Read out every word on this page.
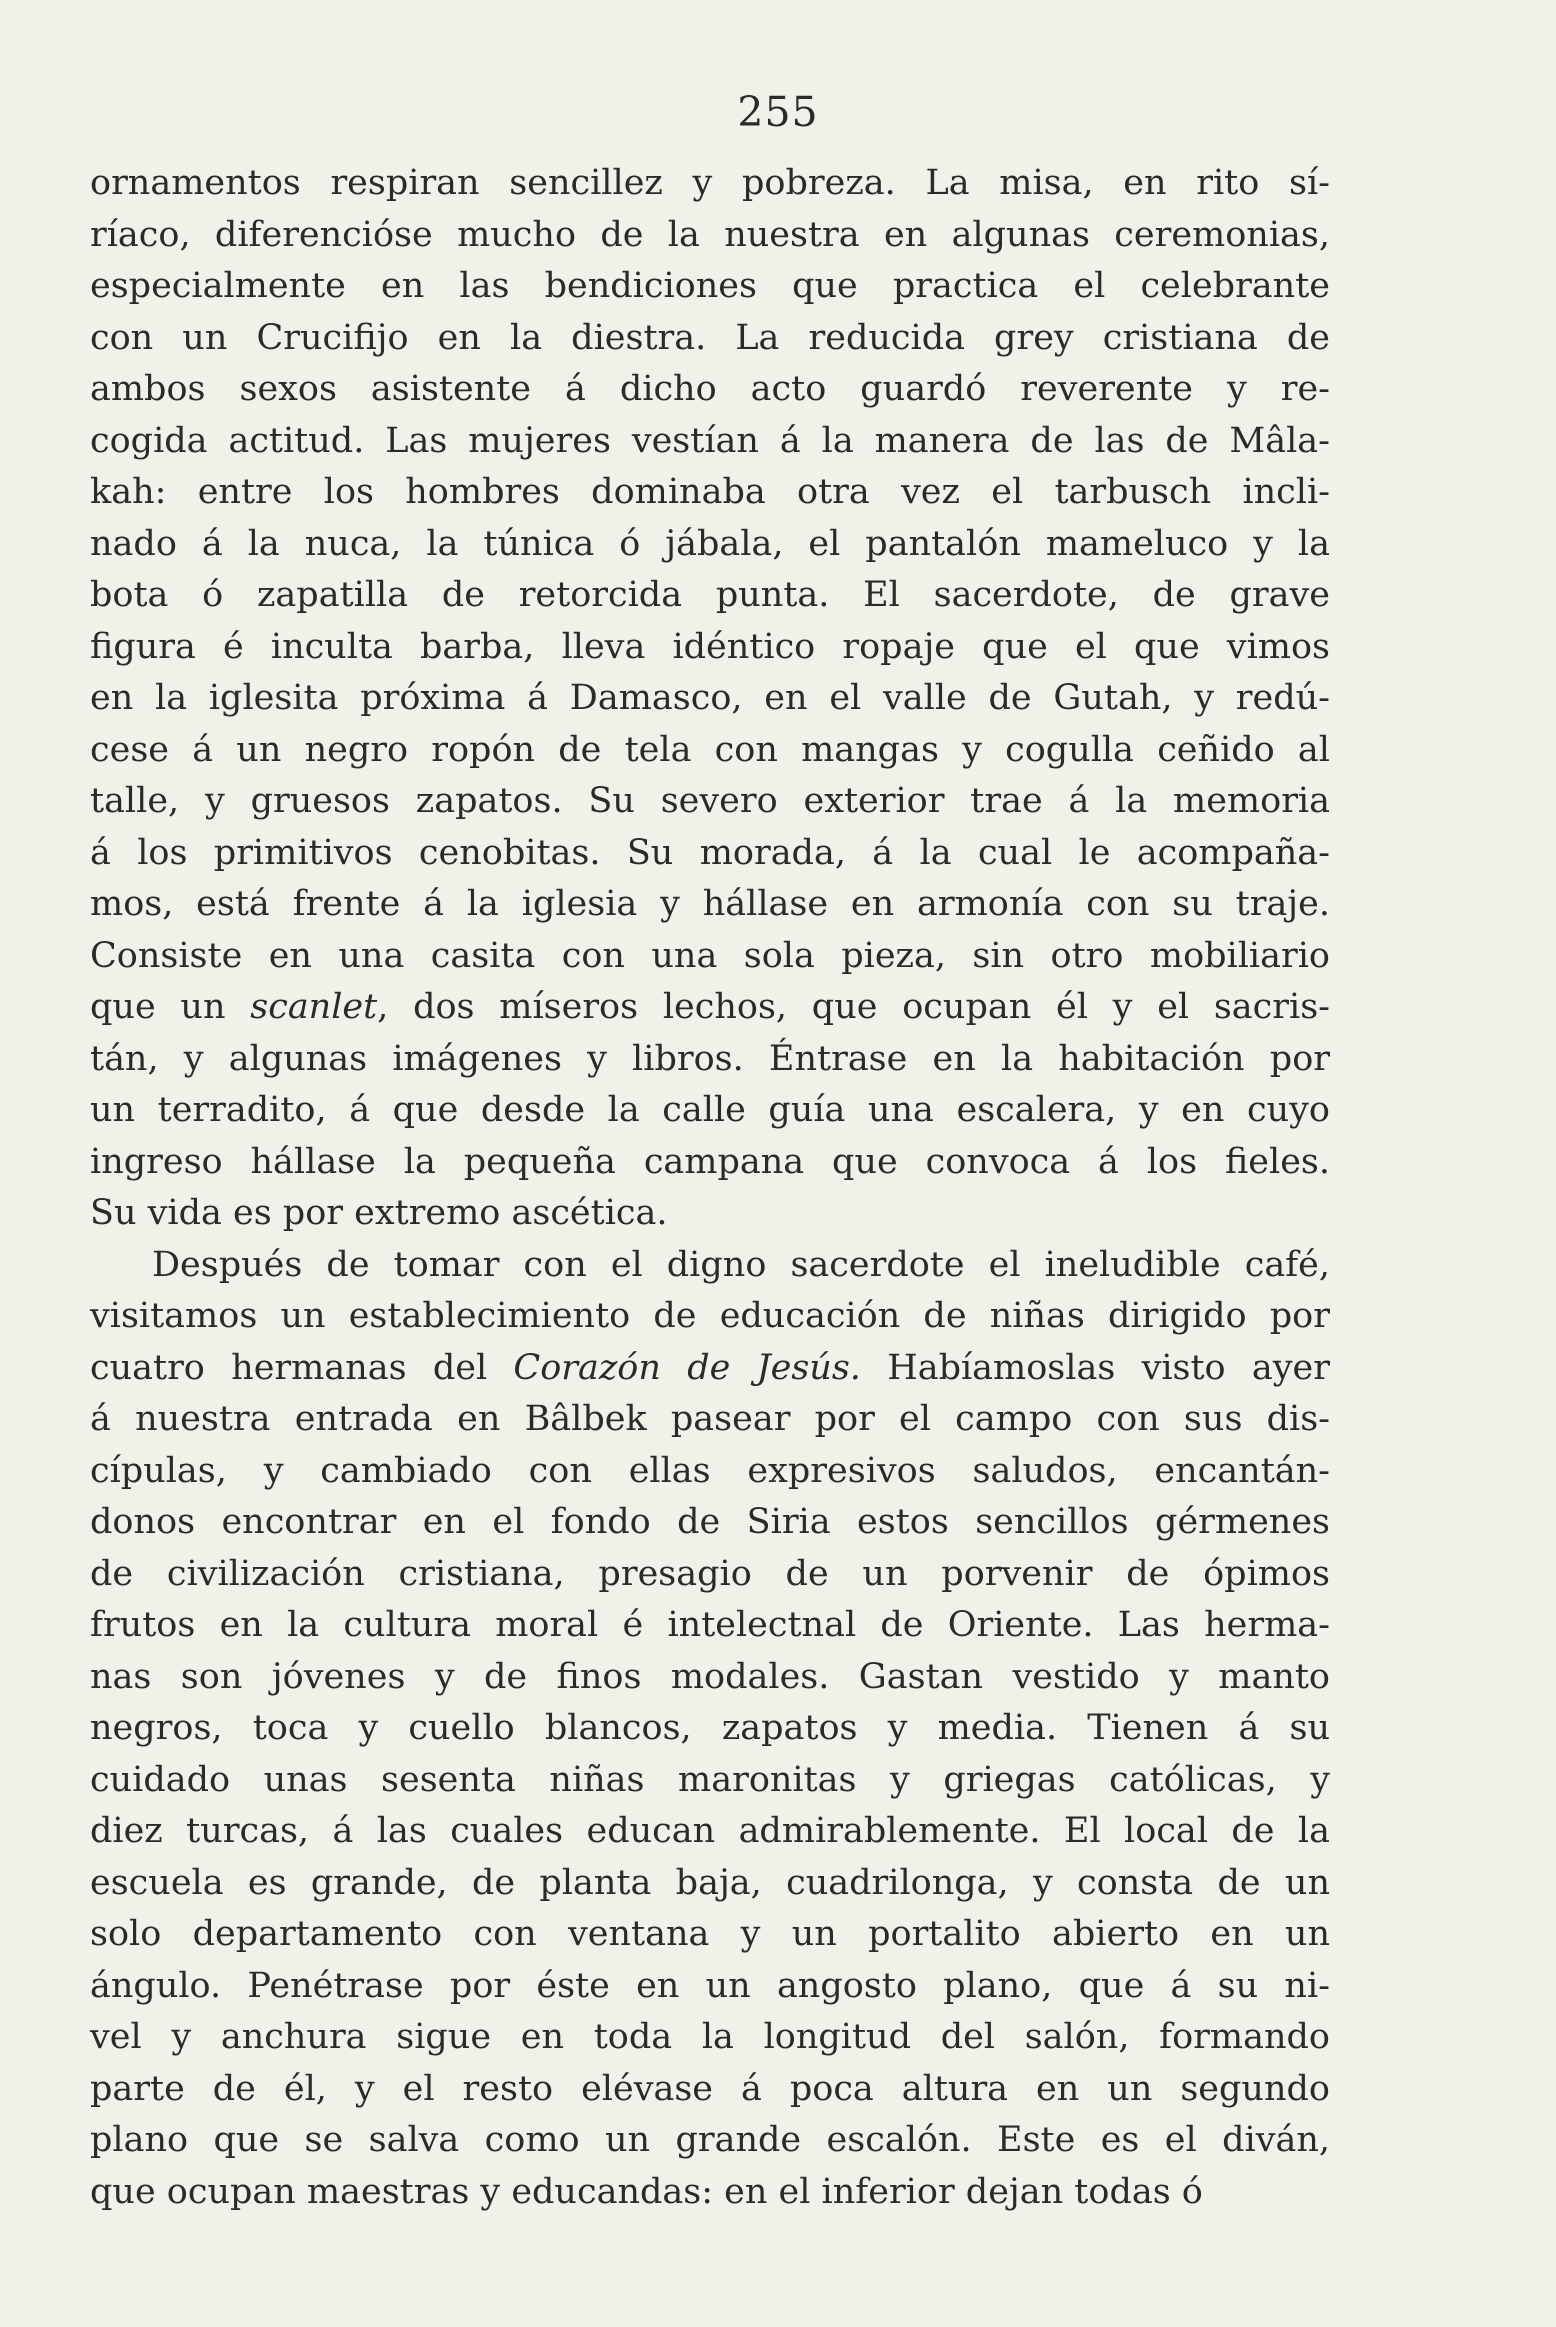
255
ornamentos respiran sencillez y pobreza. La misa, en rito sí-
ríaco, diferencióse mucho de la nuestra en algunas ceremonias,
especialmente en las bendiciones que practica el celebrante
con un Crucifijo en la diestra. La reducida grey cristiana de
ambos sexos asistente á dicho acto guardó reverente y re-
cogida actitud. Las mujeres vestían á la manera de las de Mâla-
kah: entre los hombres dominaba otra vez el tarbusch incli-
nado á la nuca, la túnica ó jábala, el pantalón mameluco y la
bota ó zapatilla de retorcida punta. El sacerdote, de grave
figura é inculta barba, lleva idéntico ropaje que el que vimos
en la iglesita próxima á Damasco, en el valle de Gutah, y redú-
cese á un negro ropón de tela con mangas y cogulla ceñido al
talle, y gruesos zapatos. Su severo exterior trae á la memoria
á los primitivos cenobitas. Su morada, á la cual le acompaña-
mos, está frente á la iglesia y hállase en armonía con su traje.
Consiste en una casita con una sola pieza, sin otro mobiliario
que un scanlet, dos míseros lechos, que ocupan él y el sacris-
tán, y algunas imágenes y libros. Éntrase en la habitación por
un terradito, á que desde la calle guía una escalera, y en cuyo
ingreso hállase la pequeña campana que convoca á los fieles.
Su vida es por extremo ascética.
Después de tomar con el digno sacerdote el ineludible café,
visitamos un establecimiento de educación de niñas dirigido por
cuatro hermanas del Corazón de Jesús. Habíamoslas visto ayer
á nuestra entrada en Bâlbek pasear por el campo con sus dis-
cípulas, y cambiado con ellas expresivos saludos, encantán-
donos encontrar en el fondo de Siria estos sencillos gérmenes
de civilización cristiana, presagio de un porvenir de ópimos
frutos en la cultura moral é intelectnal de Oriente. Las herma-
nas son jóvenes y de finos modales. Gastan vestido y manto
negros, toca y cuello blancos, zapatos y media. Tienen á su
cuidado unas sesenta niñas maronitas y griegas católicas, y
diez turcas, á las cuales educan admirablemente. El local de la
escuela es grande, de planta baja, cuadrilonga, y consta de un
solo departamento con ventana y un portalito abierto en un
ángulo. Penétrase por éste en un angosto plano, que á su ni-
vel y anchura sigue en toda la longitud del salón, formando
parte de él, y el resto elévase á poca altura en un segundo
plano que se salva como un grande escalón. Este es el diván,
que ocupan maestras y educandas: en el inferior dejan todas ó
